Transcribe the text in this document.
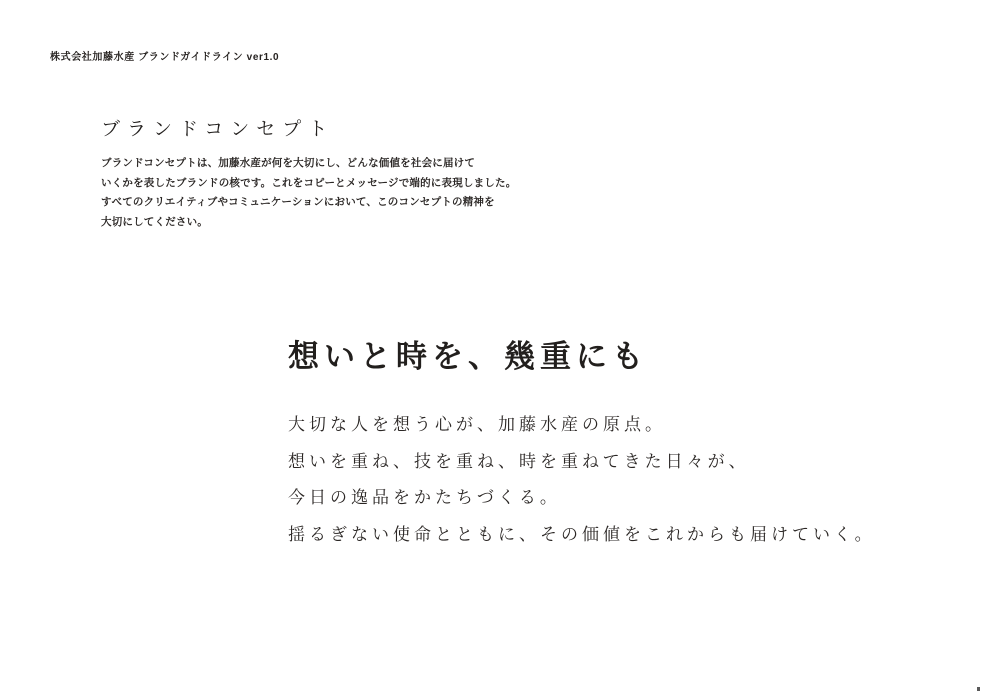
株式会社加藤水産 ブランドガイドライン ver1.0
ブランドコンセプト
ブランドコンセプトは、加藤水産が何を大切にし、どんな価値を社会に届けて
いくかを表したブランドの核です。これをコピーとメッセージで端的に表現しました。
すべてのクリエイティブやコミュニケーションにおいて、このコンセプトの精神を
大切にしてください。
想いと時を、幾重にも
大切な人を想う心が、加藤水産の原点。
想いを重ね、技を重ね、時を重ねてきた日々が、
今日の逸品をかたちづくる。
揺るぎない使命とともに、その価値をこれからも届けていく。
